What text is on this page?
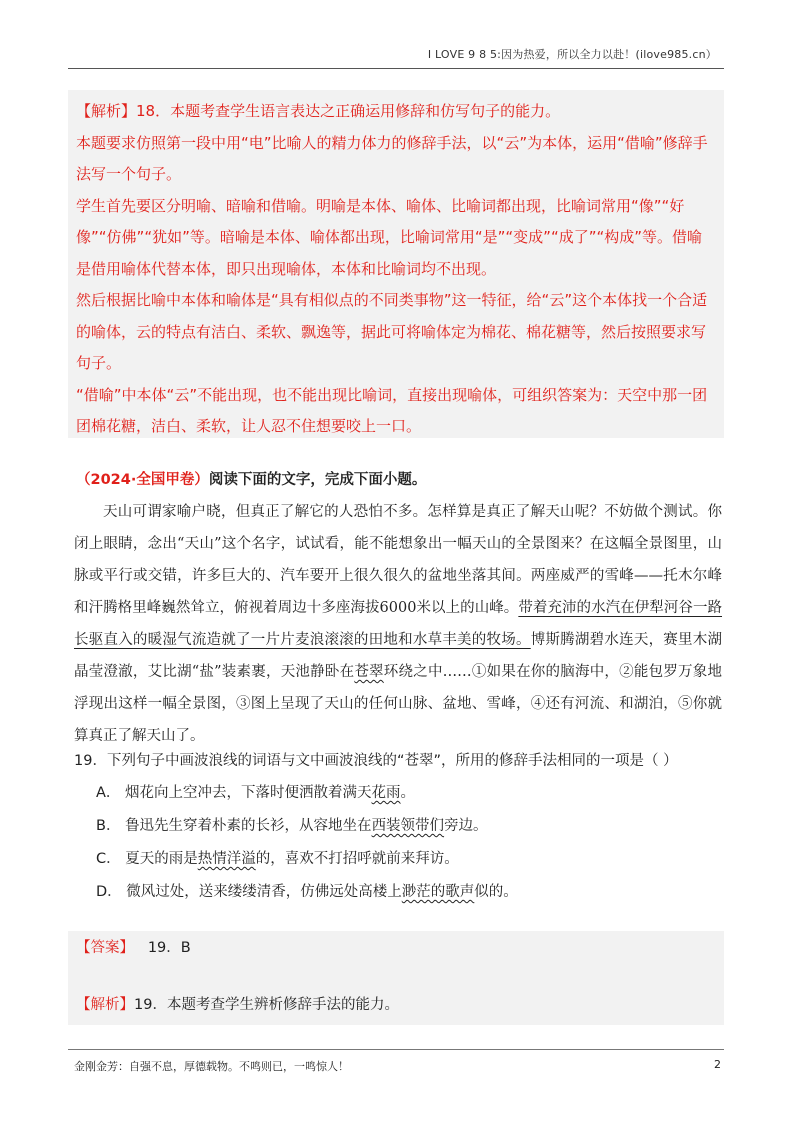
I LOVE 9 8 5:因为热爱，所以全力以赴！(ilove985.cn）

【解析】18．本题考查学生语言表达之正确运用修辞和仿写句子的能力。

本题要求仿照第一段中用“电”比喻人的精力体力的修辞手法，以“云”为本体，运用“借喻”修辞手法写一个句子。

学生首先要区分明喻、暗喻和借喻。明喻是本体、喻体、比喻词都出现，比喻词常用“像”“好像”“仿佛”“犹如”等。暗喻是本体、喻体都出现，比喻词常用“是”“变成”“成了”“构成”等。借喻是借用喻体代替本体，即只出现喻体，本体和比喻词均不出现。

然后根据比喻中本体和喻体是“具有相似点的不同类事物”这一特征，给“云”这个本体找一个合适的喻体，云的特点有洁白、柔软、飘逸等，据此可将喻体定为棉花、棉花糖等，然后按照要求写句子。

“借喻”中本体“云”不能出现，也不能出现比喻词，直接出现喻体，可组织答案为：天空中那一团团棉花糖，洁白、柔软，让人忍不住想要咬上一口。

（2024·全国甲卷）阅读下面的文字，完成下面小题。

天山可谓家喻户晓，但真正了解它的人恐怕不多。怎样算是真正了解天山呢？不妨做个测试。你闭上眼睛，念出“天山”这个名字，试试看，能不能想象出一幅天山的全景图来？在这幅全景图里，山脉或平行或交错，许多巨大的、汽车要开上很久很久的盆地坐落其间。两座威严的雪峰——托木尔峰和汗腾格里峰巍然耸立，俯视着周边十多座海拔6000米以上的山峰。带着充沛的水汽在伊犁河谷一路长驱直入的暖湿气流造就了一片片麦浪滚滚的田地和水草丰美的牧场。博斯腾湖碧水连天，赛里木湖晶莹澄澈，艾比湖“盐”装素裹，天池静卧在苍翠环绕之中……①如果在你的脑海中，②能包罗万象地浮现出这样一幅全景图，③图上呈现了天山的任何山脉、盆地、雪峰，④还有河流、和湖泊，⑤你就算真正了解天山了。

19．下列句子中画波浪线的词语与文中画波浪线的“苍翠”，所用的修辞手法相同的一项是（ ）

A． 烟花向上空冲去，下落时便洒散着满天花雨。
B． 鲁迅先生穿着朴素的长衫，从容地坐在西装领带们旁边。
C． 夏天的雨是热情洋溢的，喜欢不打招呼就前来拜访。
D． 微风过处，送来缕缕清香，仿佛远处高楼上渺茫的歌声似的。
【答案】 19．B
【解析】19．本题考查学生辨析修辞手法的能力。
金刚金芳：自强不息，厚德载物。不鸣则已，一鸣惊人！	2
